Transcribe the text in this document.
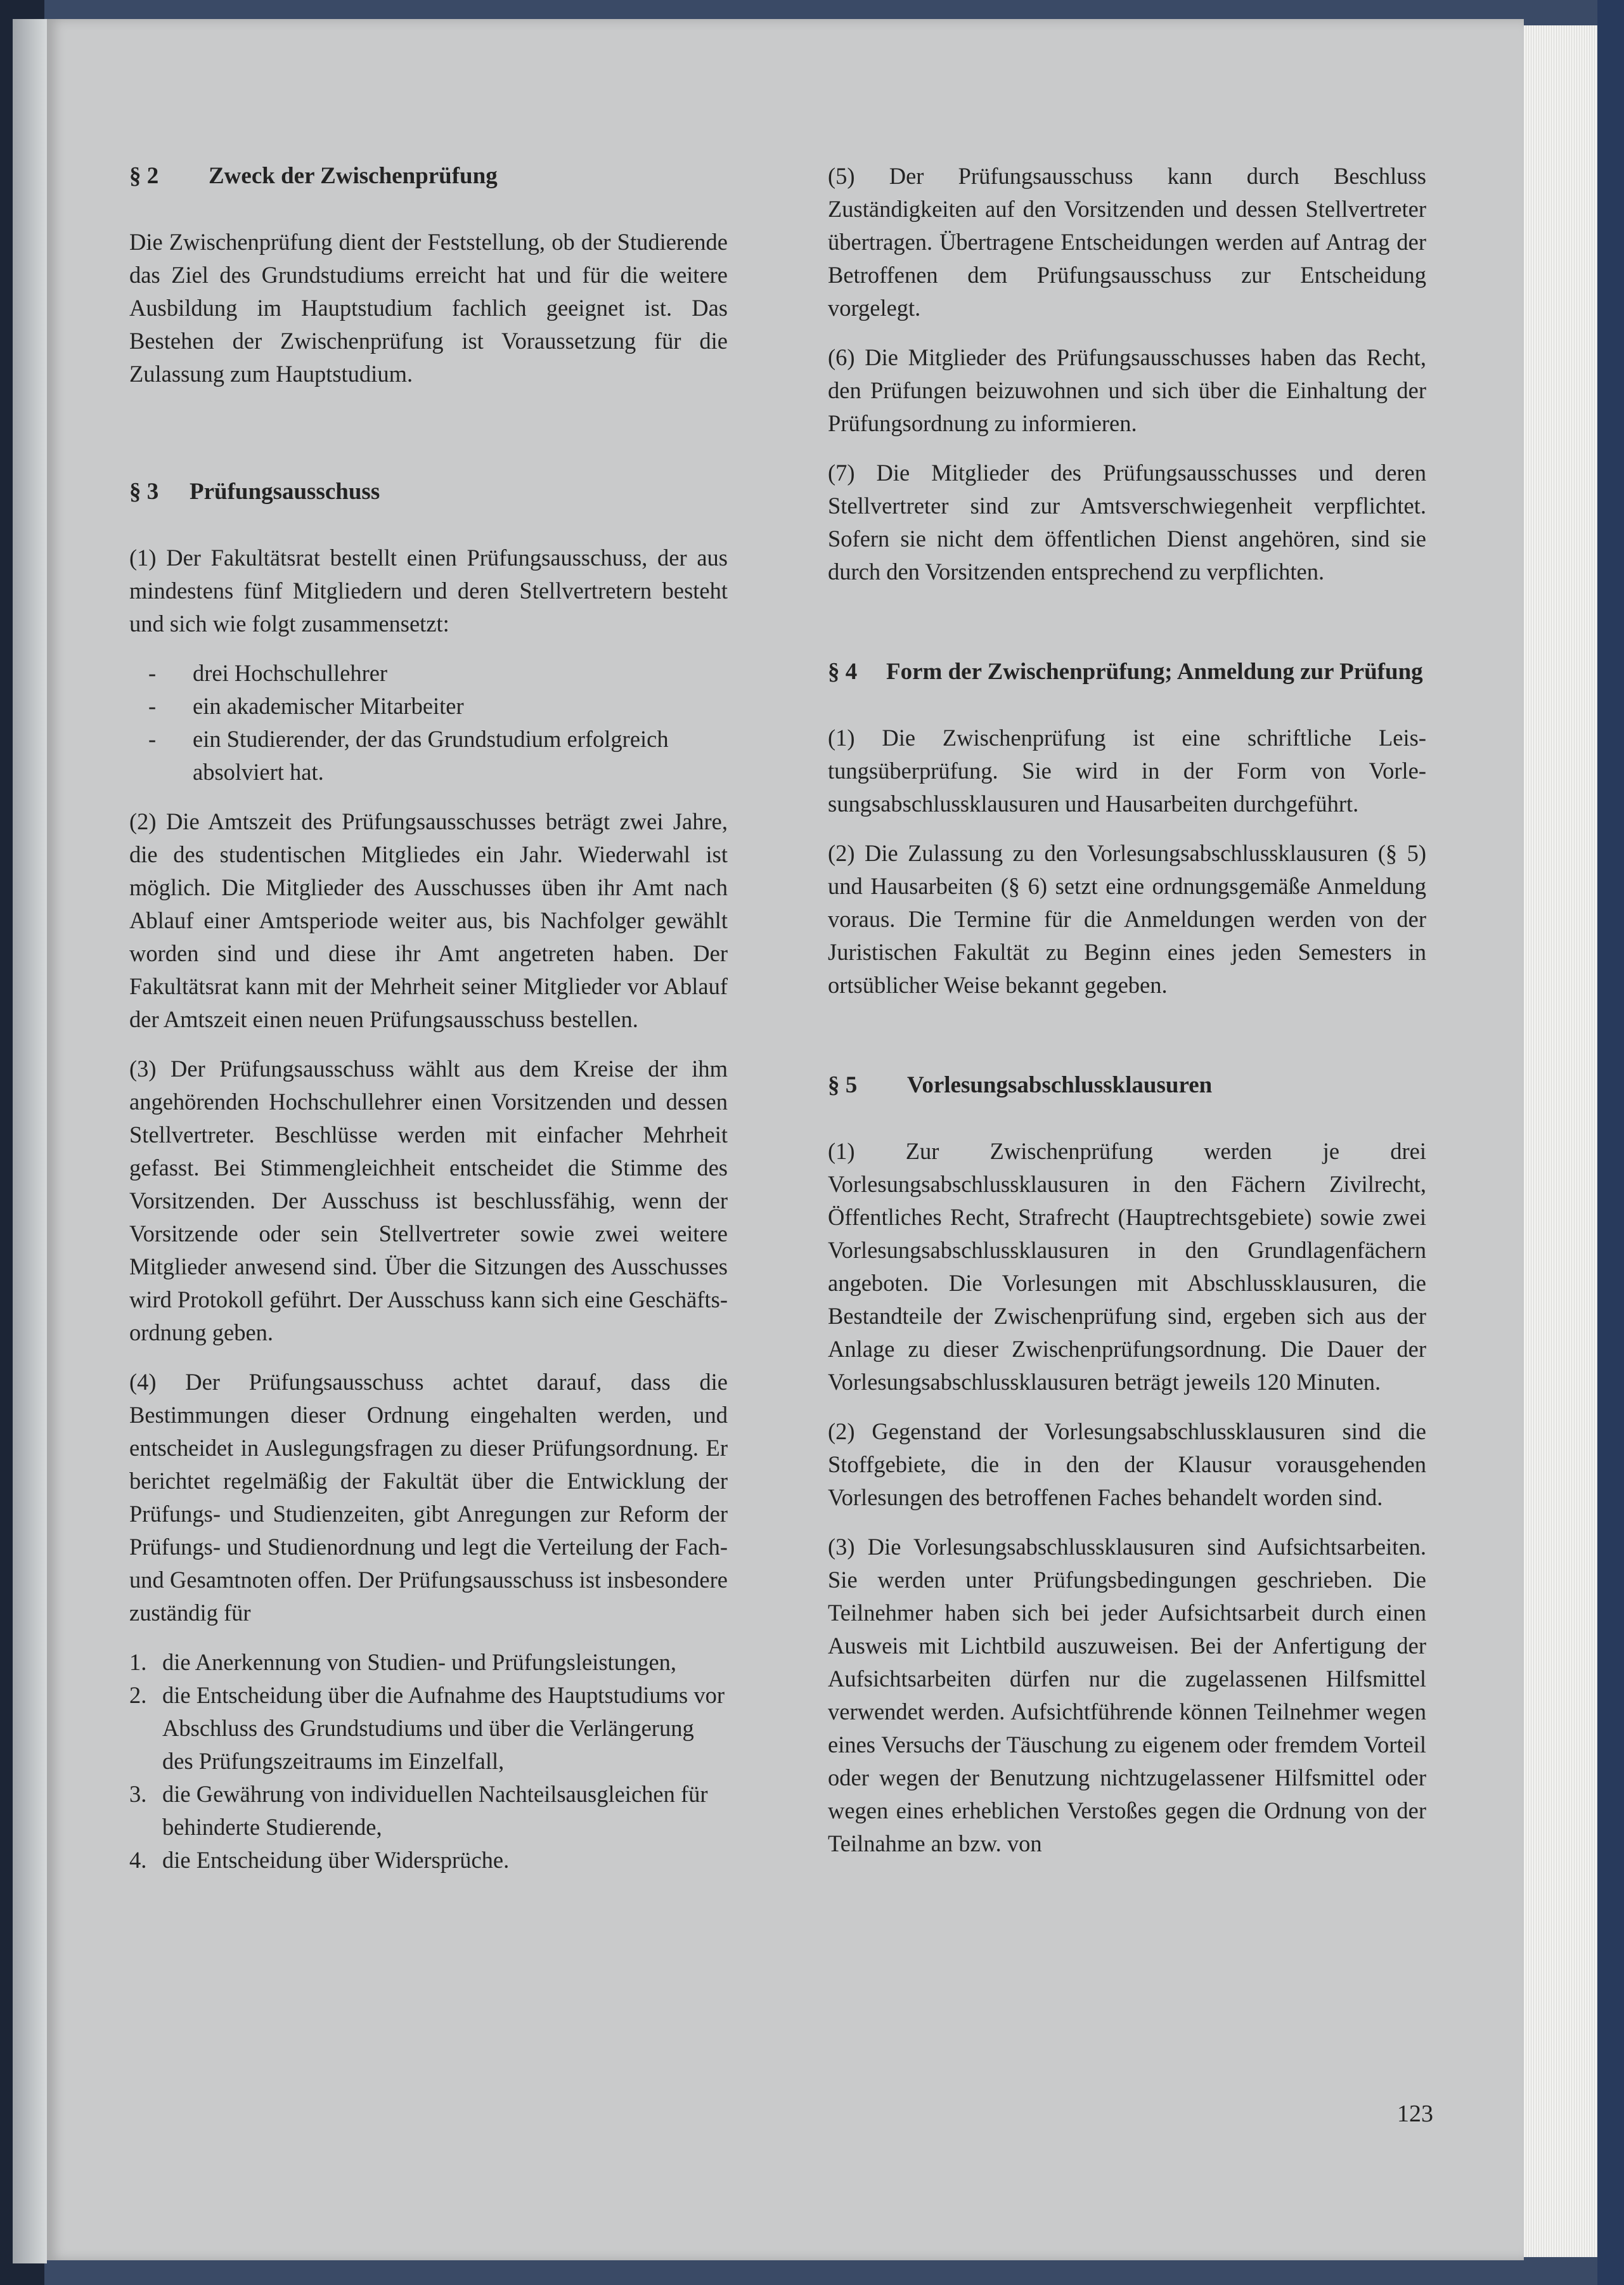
§ 2 Zweck der Zwischenprüfung

Die Zwischenprüfung dient der Feststellung, ob der Studierende das Ziel des Grundstudiums erreicht hat und für die weitere Ausbildung im Hauptstudium fachlich geeignet ist. Das Bestehen der Zwischenprüfung ist Voraussetzung für die Zulassung zum Hauptstudium.

§ 3 Prüfungsausschuss

(1) Der Fakultätsrat bestellt einen Prüfungsausschuss, der aus mindestens fünf Mitgliedern und deren Stellvertretern besteht und sich wie folgt zusammensetzt:

-	drei Hochschullehrer
-	ein akademischer Mitarbeiter
-	ein Studierender, der das Grundstudium erfolgreich absolviert hat.

(2) Die Amtszeit des Prüfungsausschusses beträgt zwei Jahre, die des studentischen Mitgliedes ein Jahr. Wiederwahl ist möglich. Die Mitglieder des Ausschusses üben ihr Amt nach Ablauf einer Amtsperiode weiter aus, bis Nachfolger gewählt worden sind und diese ihr Amt angetreten haben. Der Fakultätsrat kann mit der Mehrheit seiner Mitglieder vor Ablauf der Amtszeit einen neuen Prüfungsausschuss bestellen.

(3) Der Prüfungsausschuss wählt aus dem Kreise der ihm angehörenden Hochschullehrer einen Vorsitzenden und dessen Stellvertreter. Beschlüsse werden mit einfacher Mehrheit gefasst. Bei Stimmengleichheit entscheidet die Stimme des Vorsitzenden. Der Ausschuss ist beschlussfähig, wenn der Vorsitzende oder sein Stellvertreter sowie zwei weitere Mitglieder anwesend sind. Über die Sitzungen des Ausschusses wird Protokoll geführt. Der Ausschuss kann sich eine Geschäftsordnung geben.

(4) Der Prüfungsausschuss achtet darauf, dass die Bestimmungen dieser Ordnung eingehalten werden, und entscheidet in Auslegungsfragen zu dieser Prüfungsordnung. Er berichtet regelmäßig der Fakultät über die Entwicklung der Prüfungs- und Studienzeiten, gibt Anregungen zur Reform der Prüfungs- und Studienordnung und legt die Verteilung der Fach- und Gesamtnoten offen. Der Prüfungsausschuss ist insbesondere zuständig für

1. die Anerkennung von Studien- und Prüfungsleistungen,
2. die Entscheidung über die Aufnahme des Hauptstudiums vor Abschluss des Grundstudiums und über die Verlängerung des Prüfungszeitraums im Einzelfall,
3. die Gewährung von individuellen Nachteilsausgleichen für behinderte Studierende,
4. die Entscheidung über Widersprüche.

(5) Der Prüfungsausschuss kann durch Beschluss Zuständigkeiten auf den Vorsitzenden und dessen Stellvertreter übertragen. Übertragene Entscheidungen werden auf Antrag der Betroffenen dem Prüfungsausschuss zur Entscheidung vorgelegt.

(6) Die Mitglieder des Prüfungsausschusses haben das Recht, den Prüfungen beizuwohnen und sich über die Einhaltung der Prüfungsordnung zu informieren.

(7) Die Mitglieder des Prüfungsausschusses und deren Stellvertreter sind zur Amtsverschwiegenheit verpflichtet. Sofern sie nicht dem öffentlichen Dienst angehören, sind sie durch den Vorsitzenden entsprechend zu verpflichten.

§ 4	Form der Zwischenprüfung; Anmeldung zur Prüfung

(1) Die Zwischenprüfung ist eine schriftliche Leistungsüberprüfung. Sie wird in der Form von Vorlesungsabschlussklausuren und Hausarbeiten durchgeführt.

(2) Die Zulassung zu den Vorlesungsabschlussklausuren (§ 5) und Hausarbeiten (§ 6) setzt eine ordnungsgemäße Anmeldung voraus. Die Termine für die Anmeldungen werden von der Juristischen Fakultät zu Beginn eines jeden Semesters in ortsüblicher Weise bekannt gegeben.

§ 5 Vorlesungsabschlussklausuren

(1) Zur Zwischenprüfung werden je drei Vorlesungsabschlussklausuren in den Fächern Zivilrecht, Öffentliches Recht, Strafrecht (Hauptrechtsgebiete) sowie zwei Vorlesungsabschlussklausuren in den Grundlagenfächern angeboten. Die Vorlesungen mit Abschlussklausuren, die Bestandteile der Zwischenprüfung sind, ergeben sich aus der Anlage zu dieser Zwischenprüfungsordnung. Die Dauer der Vorlesungsabschlussklausuren beträgt jeweils 120 Minuten.

(2) Gegenstand der Vorlesungsabschlussklausuren sind die Stoffgebiete, die in den der Klausur vorausgehenden Vorlesungen des betroffenen Faches behandelt worden sind.

(3) Die Vorlesungsabschlussklausuren sind Aufsichtsarbeiten. Sie werden unter Prüfungsbedingungen geschrieben. Die Teilnehmer haben sich bei jeder Aufsichtsarbeit durch einen Ausweis mit Lichtbild auszuweisen. Bei der Anfertigung der Aufsichtsarbeiten dürfen nur die zugelassenen Hilfsmittel verwendet werden. Aufsichtführende können Teilnehmer wegen eines Versuchs der Täuschung zu eigenem oder fremdem Vorteil oder wegen der Benutzung nichtzugelassener Hilfsmittel oder wegen eines erheblichen Verstoßes gegen die Ordnung von der Teilnahme an bzw. von

123
